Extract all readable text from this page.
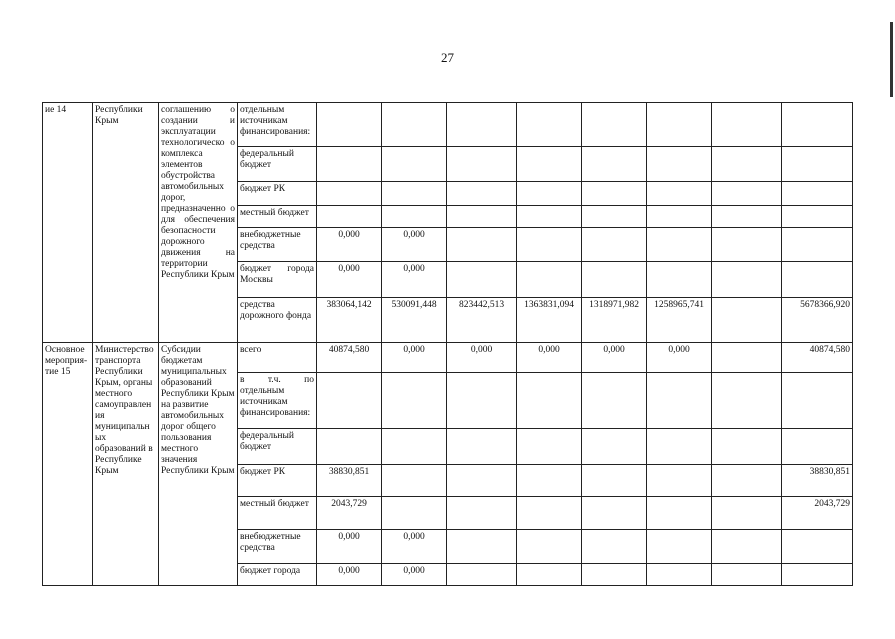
27
ие 14	Республики Крым	соглашению о создании и эксплуатации технологическо о комплекса элементов обустройства автомобильных дорог, предназначенно о для обеспечения безопасности дорожного движения на территории Республики Крым	отдельным источникам финансирования:								
			федеральный бюджет								
			бюджет РК								
			местный бюджет								
			внебюджетные средства	0,000	0,000						
			бюджет города Москвы	0,000	0,000						
			средства дорожного фонда	383064,142	530091,448	823442,513	1363831,094	1318971,982	1258965,741		5678366,920
Основное мероприя-тие 15	Министерство транспорта Республики Крым, органы местного самоуправления муниципальных образований в Республике Крым	Субсидии бюджетам муниципальных образований Республики Крым на развитие автомобильных дорог общего пользования местного значения Республики Крым	всего	40874,580	0,000	0,000	0,000	0,000	0,000		40874,580
			в т.ч. по отдельным источникам финансирования:								
			федеральный бюджет								
			бюджет РК	38830,851							38830,851
			местный бюджет	2043,729							2043,729
			внебюджетные средства	0,000	0,000						
			бюджет города	0,000	0,000						
